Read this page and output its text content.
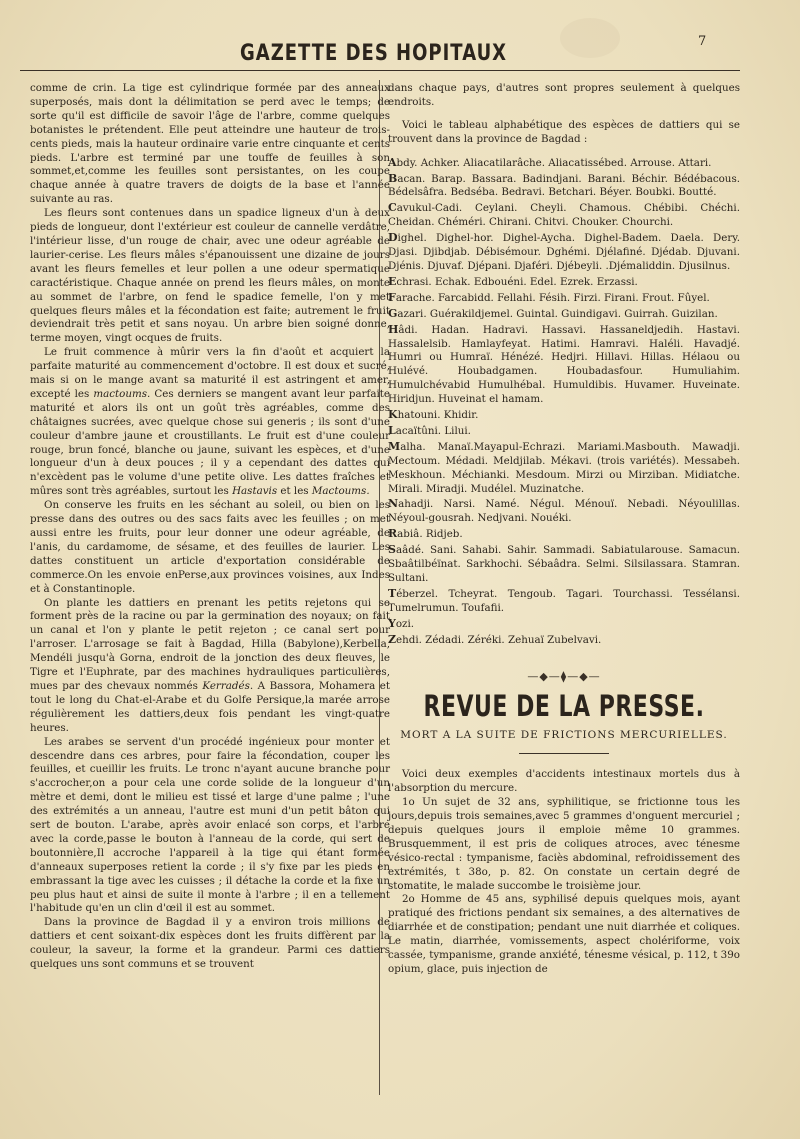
GAZETTE DES HOPITAUX	7

comme de crin. La tige est cylindrique formée par des anneaux superposés, mais dont la délimitation se perd avec le temps; de sorte qu'il est difficile de savoir l'âge de l'arbre, comme quelques botanistes le prétendent. Elle peut atteindre une hauteur de trois-cents pieds, mais la hauteur ordinaire varie entre cinquante et cents pieds. L'arbre est terminé par une touffe de feuilles à son sommet,et,comme les feuilles sont persistantes, on les coupe chaque année à quatre travers de doigts de la base et l'année suivante au ras.

Les fleurs sont contenues dans un spadice ligneux d'un à deux pieds de longueur, dont l'extérieur est couleur de cannelle verdâtre, l'intérieur lisse, d'un rouge de chair, avec une odeur agréable de laurier-cerise. Les fleurs mâles s'épanouissent une dizaine de jours avant les fleurs femelles et leur pollen a une odeur spermatique caractéristique. Chaque année on prend les fleurs mâles, on monte au sommet de l'arbre, on fend le spadice femelle, l'on y met quelques fleurs mâles et la fécondation est faite; autrement le fruit deviendrait très petit et sans noyau. Un arbre bien soigné donne, terme moyen, vingt ocques de fruits.

Le fruit commence à mûrir vers la fin d'août et acquiert la parfaite maturité au commencement d'octobre. Il est doux et sucré, mais si on le mange avant sa maturité il est astringent et amer, excepté les mactoums. Ces derniers se mangent avant leur parfaite maturité et alors ils ont un goût très agréables, comme des châtaignes sucrées, avec quelque chose sui generis ; ils sont d'une couleur d'ambre jaune et croustillants. Le fruit est d'une couleur rouge, brun foncé, blanche ou jaune, suivant les espèces, et d'une longueur d'un à deux pouces ; il y a cependant des dattes qui n'excèdent pas le volume d'une petite olive. Les dattes fraîches et mûres sont très agréables, surtout les Hastavis et les Mactoums.

On conserve les fruits en les séchant au soleil, ou bien on les presse dans des outres ou des sacs faits avec les feuilles ; on met aussi entre les fruits, pour leur donner une odeur agréable, de l'anis, du cardamome, de sésame, et des feuilles de laurier. Les dattes constituent un article d'exportation considérable de commerce.On les envoie enPerse,aux provinces voisines, aux Indes et à Constantinople.

On plante les dattiers en prenant les petits rejetons qui se forment près de la racine ou par la germination des noyaux; on fait un canal et l'on y plante le petit rejeton ; ce canal sert pour l'arroser. L'arrosage se fait à Bagdad, Hilla (Babylone),Kerbella, Mendéli jusqu'à Gorna, endroit de la jonction des deux fleuves, le Tigre et l'Euphrate, par des machines hydrauliques particulières, mues par des chevaux nommés Kerradés. A Bassora, Mohamera et tout le long du Chat-el-Arabe et du Golfe Persique,la marée arrose régulièrement les dattiers,deux fois pendant les vingt-quatre heures.

Les arabes se servent d'un procédé ingénieux pour monter et descendre dans ces arbres, pour faire la fécondation, couper les feuilles, et cueillir les fruits. Le tronc n'ayant aucune branche pour s'accrocher,on a pour cela une corde solide de la longueur d'un mètre et demi, dont le milieu est tissé et large d'une palme ; l'une des extrémités a un anneau, l'autre est muni d'un petit bâton qui sert de bouton. L'arabe, après avoir enlacé son corps, et l'arbre avec la corde,passe le bouton à l'anneau de la corde, qui sert de boutonnière,Il accroche l'appareil à la tige qui étant formée d'anneaux superposes retient la corde ; il s'y fixe par les pieds en embrassant la tige avec les cuisses ; il détache la corde et la fixe un peu plus haut et ainsi de suite il monte à l'arbre ; il en a tellement l'habitude qu'en un clin d'œil il est au sommet.

Dans la province de Bagdad il y a environ trois millions de dattiers et cent soixant-dix espèces dont les fruits diffèrent par la couleur, la saveur, la forme et la grandeur. Parmi ces dattiers quelques uns sont communs et se trouvent

dans chaque pays, d'autres sont propres seulement à quelques endroits.

Voici le tableau alphabétique des espèces de dattiers qui se trouvent dans la province de Bagdad :

Abdy. Achker. Aliacatilarâche. Aliacatissébed. Arrouse. Attari.

Bacan. Barap. Bassara. Badindjani. Barani. Béchir. Bédébacous. Bédelsâfra. Bedséba. Bedravi. Betchari. Béyer. Boubki. Boutté.

Cavukul-Cadi. Ceylani. Cheyli. Chamous. Chébibi. Chéchi. Cheidan. Chéméri. Chirani. Chitvi. Chouker. Chourchi.

Dighel. Dighel-hor. Dighel-Aycha. Dighel-Badem. Daela. Dery. Djasi. Djibdjab. Débisémour. Dghémi. Djélafiné. Djédab. Djuvani. Djénis. Djuvaf. Djépani. Djaféri. Djébeyli. .Djémaliddin. Djusilnus.

Echrasi. Echak. Edbouéni. Edel. Ezrek. Erzassi.

Farache. Farcabidd. Fellahi. Fésih. Firzi. Firani. Frout. Fûyel.

Gazari. Guérakildjemel. Guintal. Guindigavi. Guirrah. Guizilan.

Hâdi. Hadan. Hadravi. Hassavi. Hassaneldjedih. Hastavi. Hassalelsib. Hamlayfeyat. Hatimi. Hamravi. Haléli. Havadjé. Humri ou Humraï. Hénézé. Hedjri. Hillavi. Hillas. Hélaou ou Hulévé. Houbadgamen. Houbadasfour. Humuliahim. Humulchévabid Humulhébal. Humuldibis. Huvamer. Huveinate. Hiridjun. Huveinat el hamam.

Khatouni. Khidir.

Lacaïtûni. Lilui.

Malha. Manaï.Mayapul-Echrazi. Mariami.Masbouth. Mawadji. Mectoum. Médadi. Meldjilab. Mékavi. (trois variétés). Messabeh. Meskhoun. Méchianki. Mesdoum. Mirzi ou Mirziban. Midiatche. Mirali. Miradji. Mudélel. Muzinatche.

Nahadji. Narsi. Namé. Négul. Ménouï. Nebadi. Néyoulillas. Néyoul-gousrah. Nedjvani. Nouéki.

Rabiâ. Ridjeb.

Saâdé. Sani. Sahabi. Sahir. Sammadi. Sabiatularouse. Samacun. Sbaâtilbéïnat. Sarkhochi. Sébaâdra. Selmi. Silsilassara. Stamran. Sultani.

Téberzel. Tcheyrat. Tengoub. Tagari. Tourchassi. Tessélansi. Tumelrumun. Toufafii.

Yozi.

Zehdi. Zédadi. Zéréki. Zehuaï Zubelvavi.

—◆—⧫—◆—
REVUE DE LA PRESSE.
MORT A LA SUITE DE FRICTIONS MERCURIELLES.

Voici deux exemples d'accidents intestinaux mortels dus à l'absorption du mercure.

1o Un sujet de 32 ans, syphilitique, se frictionne tous les jours,depuis trois semaines,avec 5 grammes d'onguent mercuriel ; depuis quelques jours il emploie même 10 grammes. Brusquemment, il est pris de coliques atroces, avec ténesme vésico-rectal : tympanisme, faciès abdominal, refroidissement des extrémités, t 38o, p. 82. On constate un certain degré de stomatite, le malade succombe le troisième jour.

2o Homme de 45 ans, syphilisé depuis quelques mois, ayant pratiqué des frictions pendant six semaines, a des alternatives de diarrhée et de constipation; pendant une nuit diarrhée et coliques. Le matin, diarrhée, vomissements, aspect cholériforme, voix cassée, tympanisme, grande anxiété, ténesme vésical, p. 112, t 39o opium, glace, puis injection de
